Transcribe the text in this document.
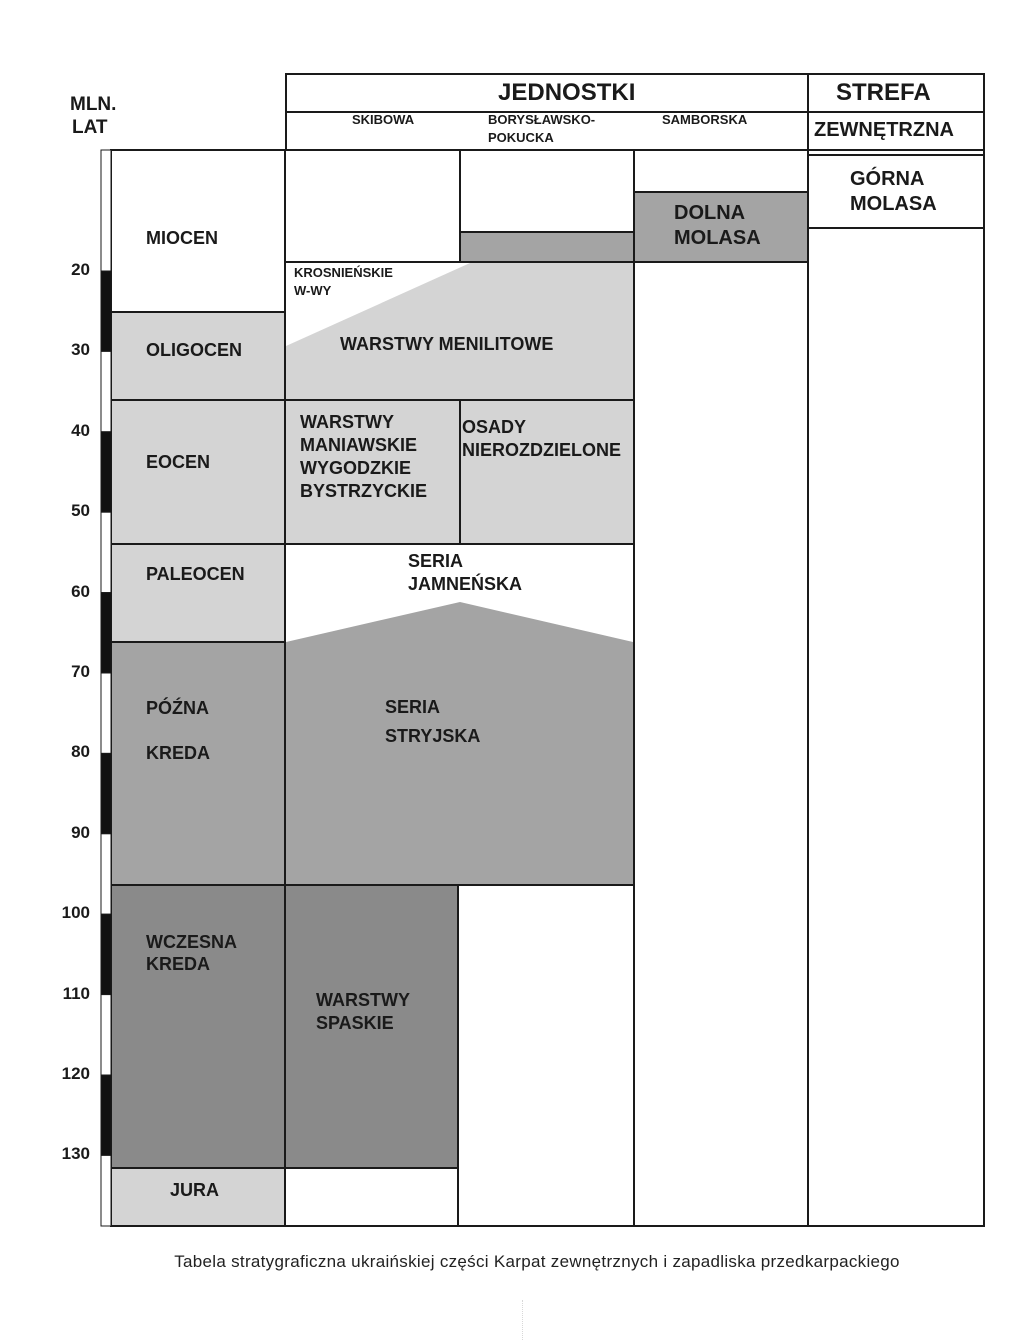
MLN.
LAT
20
30
40
50
60
70
80
90
100
110
120
130
JEDNOSTKI	STREFA
ZEWNĘTRZNA
SKIBOWA	BORYSŁAWSKO-
POKUCKA
SAMBORSKA
MIOCEN
OLIGOCEN
EOCEN
PALEOCEN
PÓŹNA
KREDA
WCZESNA
KREDA
JURA
KROSNIEŃSKIE
W-WY
WARSTWY MENILITOWE
WARSTWY
MANIAWSKIE
WYGODZKIE
BYSTRZYCKIE
OSADY
NIEROZDZIELONE
SERIA
JAMNEŃSKA
SERIA
STRYJSKA
WARSTWY
SPASKIE
DOLNA
MOLASA
GÓRNA
MOLASA
Tabela stratygraficzna ukraińskiej części Karpat zewnętrznych i zapadliska przedkarpackiego
